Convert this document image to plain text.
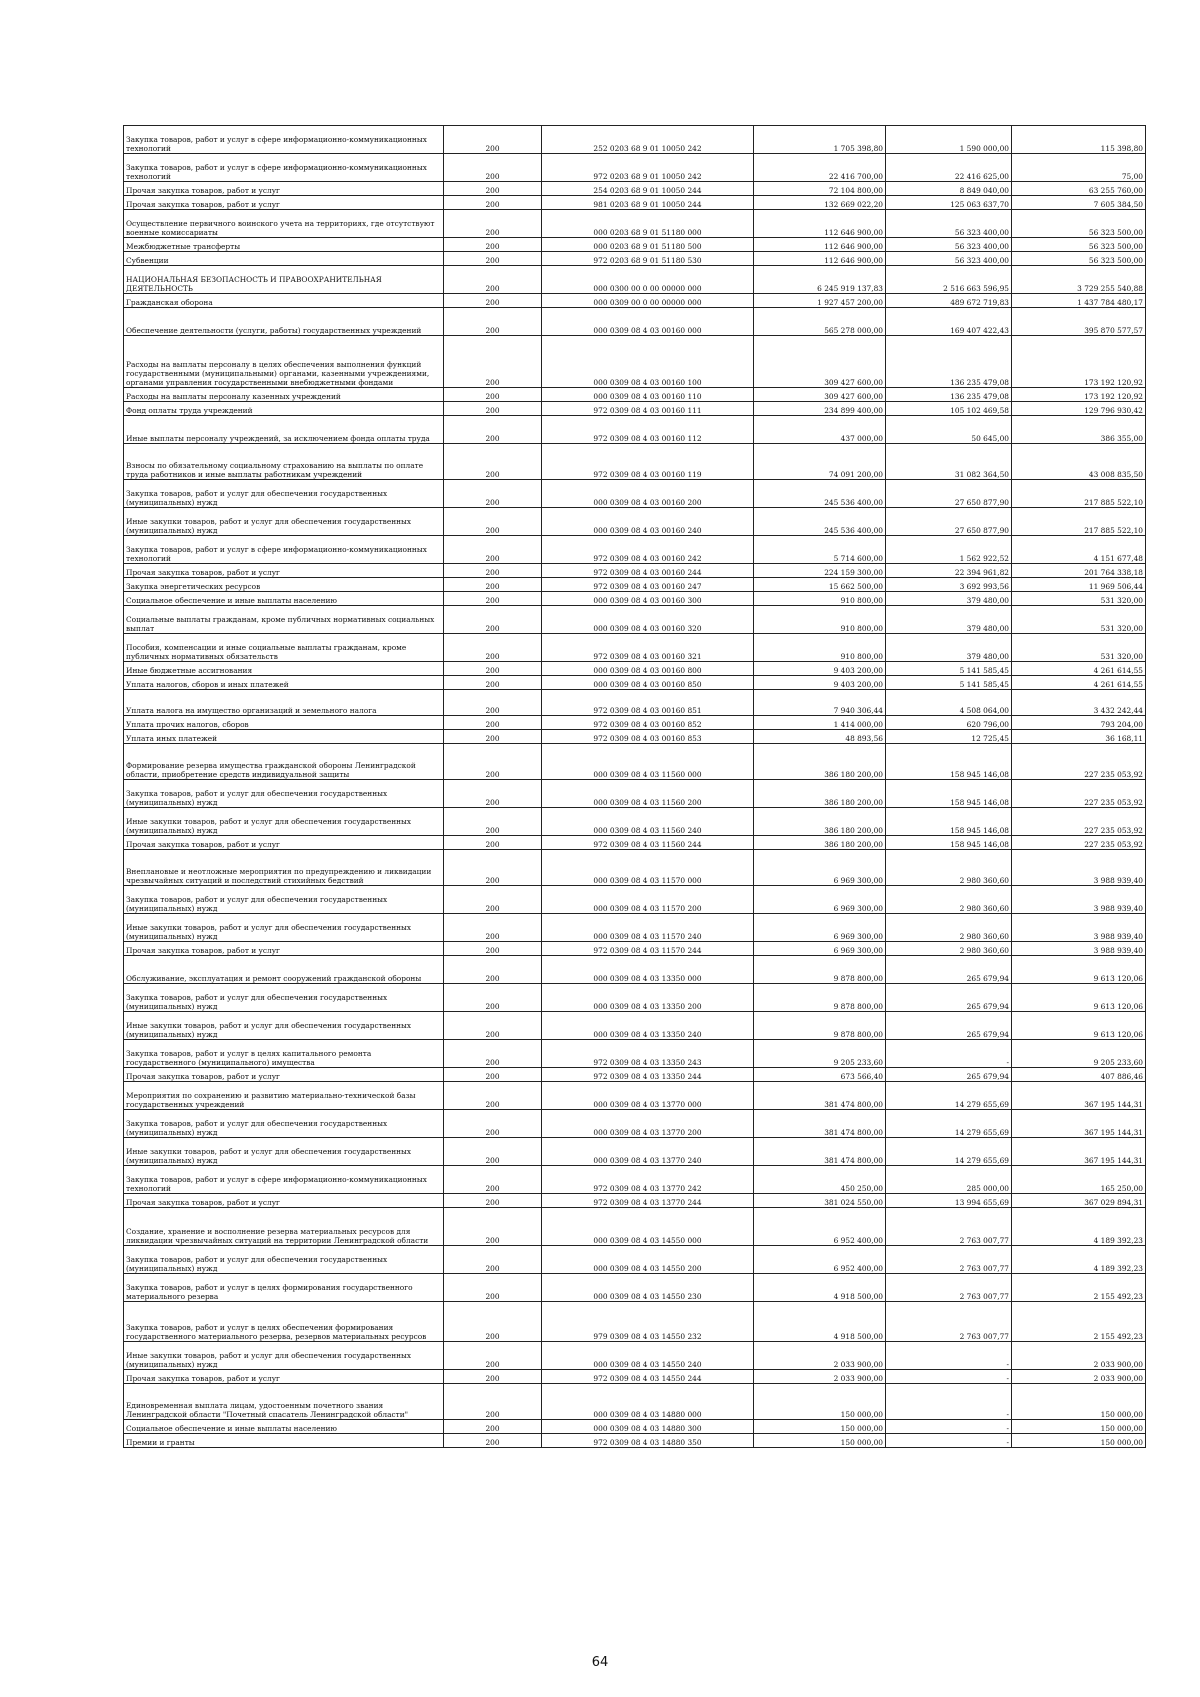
Закупка товаров, работ и услуг в сфере информационно-коммуникационных технологий	200	252 0203 68 9 01 10050 242	1 705 398,80	1 590 000,00	115 398,80
Закупка товаров, работ и услуг в сфере информационно-коммуникационных технологий	200	972 0203 68 9 01 10050 242	22 416 700,00	22 416 625,00	75,00
Прочая закупка товаров, работ и услуг	200	254 0203 68 9 01 10050 244	72 104 800,00	8 849 040,00	63 255 760,00
Прочая закупка товаров, работ и услуг	200	981 0203 68 9 01 10050 244	132 669 022,20	125 063 637,70	7 605 384,50
Осуществление первичного воинского учета на территориях, где отсутствуют военные комиссариаты	200	000 0203 68 9 01 51180 000	112 646 900,00	56 323 400,00	56 323 500,00
Межбюджетные трансферты	200	000 0203 68 9 01 51180 500	112 646 900,00	56 323 400,00	56 323 500,00
Субвенции	200	972 0203 68 9 01 51180 530	112 646 900,00	56 323 400,00	56 323 500,00
НАЦИОНАЛЬНАЯ БЕЗОПАСНОСТЬ И ПРАВООХРАНИТЕЛЬНАЯ ДЕЯТЕЛЬНОСТЬ	200	000 0300 00 0 00 00000 000	6 245 919 137,83	2 516 663 596,95	3 729 255 540,88
Гражданская оборона	200	000 0309 00 0 00 00000 000	1 927 457 200,00	489 672 719,83	1 437 784 480,17
Обеспечение деятельности (услуги, работы) государственных учреждений	200	000 0309 08 4 03 00160 000	565 278 000,00	169 407 422,43	395 870 577,57
Расходы на выплаты персоналу в целях обеспечения выполнения функций государственными (муниципальными) органами, казенными учреждениями, органами управления государственными внебюджетными фондами	200	000 0309 08 4 03 00160 100	309 427 600,00	136 235 479,08	173 192 120,92
Расходы на выплаты персоналу казенных учреждений	200	000 0309 08 4 03 00160 110	309 427 600,00	136 235 479,08	173 192 120,92
Фонд оплаты труда учреждений	200	972 0309 08 4 03 00160 111	234 899 400,00	105 102 469,58	129 796 930,42
Иные выплаты персоналу учреждений, за исключением фонда оплаты труда	200	972 0309 08 4 03 00160 112	437 000,00	50 645,00	386 355,00
Взносы по обязательному социальному страхованию на выплаты по оплате труда работников и иные выплаты работникам учреждений	200	972 0309 08 4 03 00160 119	74 091 200,00	31 082 364,50	43 008 835,50
Закупка товаров, работ и услуг для обеспечения государственных (муниципальных) нужд	200	000 0309 08 4 03 00160 200	245 536 400,00	27 650 877,90	217 885 522,10
Иные закупки товаров, работ и услуг для обеспечения государственных (муниципальных) нужд	200	000 0309 08 4 03 00160 240	245 536 400,00	27 650 877,90	217 885 522,10
Закупка товаров, работ и услуг в сфере информационно-коммуникационных технологий	200	972 0309 08 4 03 00160 242	5 714 600,00	1 562 922,52	4 151 677,48
Прочая закупка товаров, работ и услуг	200	972 0309 08 4 03 00160 244	224 159 300,00	22 394 961,82	201 764 338,18
Закупка энергетических ресурсов	200	972 0309 08 4 03 00160 247	15 662 500,00	3 692 993,56	11 969 506,44
Социальное обеспечение и иные выплаты населению	200	000 0309 08 4 03 00160 300	910 800,00	379 480,00	531 320,00
Социальные выплаты гражданам, кроме публичных нормативных социальных выплат	200	000 0309 08 4 03 00160 320	910 800,00	379 480,00	531 320,00
Пособия, компенсации и иные социальные выплаты гражданам, кроме публичных нормативных обязательств	200	972 0309 08 4 03 00160 321	910 800,00	379 480,00	531 320,00
Иные бюджетные ассигнования	200	000 0309 08 4 03 00160 800	9 403 200,00	5 141 585,45	4 261 614,55
Уплата налогов, сборов и иных платежей	200	000 0309 08 4 03 00160 850	9 403 200,00	5 141 585,45	4 261 614,55
Уплата налога на имущество организаций и земельного налога	200	972 0309 08 4 03 00160 851	7 940 306,44	4 508 064,00	3 432 242,44
Уплата прочих налогов, сборов	200	972 0309 08 4 03 00160 852	1 414 000,00	620 796,00	793 204,00
Уплата иных платежей	200	972 0309 08 4 03 00160 853	48 893,56	12 725,45	36 168,11
Формирование резерва имущества гражданской обороны Ленинградской области, приобретение средств индивидуальной защиты	200	000 0309 08 4 03 11560 000	386 180 200,00	158 945 146,08	227 235 053,92
Закупка товаров, работ и услуг для обеспечения государственных (муниципальных) нужд	200	000 0309 08 4 03 11560 200	386 180 200,00	158 945 146,08	227 235 053,92
Иные закупки товаров, работ и услуг для обеспечения государственных (муниципальных) нужд	200	000 0309 08 4 03 11560 240	386 180 200,00	158 945 146,08	227 235 053,92
Прочая закупка товаров, работ и услуг	200	972 0309 08 4 03 11560 244	386 180 200,00	158 945 146,08	227 235 053,92
Внеплановые и неотложные мероприятия по предупреждению и ликвидации чрезвычайных ситуаций и последствий стихийных бедствий	200	000 0309 08 4 03 11570 000	6 969 300,00	2 980 360,60	3 988 939,40
Закупка товаров, работ и услуг для обеспечения государственных (муниципальных) нужд	200	000 0309 08 4 03 11570 200	6 969 300,00	2 980 360,60	3 988 939,40
Иные закупки товаров, работ и услуг для обеспечения государственных (муниципальных) нужд	200	000 0309 08 4 03 11570 240	6 969 300,00	2 980 360,60	3 988 939,40
Прочая закупка товаров, работ и услуг	200	972 0309 08 4 03 11570 244	6 969 300,00	2 980 360,60	3 988 939,40
Обслуживание, эксплуатация и ремонт сооружений гражданской обороны	200	000 0309 08 4 03 13350 000	9 878 800,00	265 679,94	9 613 120,06
Закупка товаров, работ и услуг для обеспечения государственных (муниципальных) нужд	200	000 0309 08 4 03 13350 200	9 878 800,00	265 679,94	9 613 120,06
Иные закупки товаров, работ и услуг для обеспечения государственных (муниципальных) нужд	200	000 0309 08 4 03 13350 240	9 878 800,00	265 679,94	9 613 120,06
Закупка товаров, работ и услуг в целях капитального ремонта государственного (муниципального) имущества	200	972 0309 08 4 03 13350 243	9 205 233,60	-	9 205 233,60
Прочая закупка товаров, работ и услуг	200	972 0309 08 4 03 13350 244	673 566,40	265 679,94	407 886,46
Мероприятия по сохранению и развитию материально-технической базы государственных учреждений	200	000 0309 08 4 03 13770 000	381 474 800,00	14 279 655,69	367 195 144,31
Закупка товаров, работ и услуг для обеспечения государственных (муниципальных) нужд	200	000 0309 08 4 03 13770 200	381 474 800,00	14 279 655,69	367 195 144,31
Иные закупки товаров, работ и услуг для обеспечения государственных (муниципальных) нужд	200	000 0309 08 4 03 13770 240	381 474 800,00	14 279 655,69	367 195 144,31
Закупка товаров, работ и услуг в сфере информационно-коммуникационных технологий	200	972 0309 08 4 03 13770 242	450 250,00	285 000,00	165 250,00
Прочая закупка товаров, работ и услуг	200	972 0309 08 4 03 13770 244	381 024 550,00	13 994 655,69	367 029 894,31
Создание, хранение и восполнение резерва материальных ресурсов для ликвидации чрезвычайных ситуаций на территории Ленинградской области	200	000 0309 08 4 03 14550 000	6 952 400,00	2 763 007,77	4 189 392,23
Закупка товаров, работ и услуг для обеспечения государственных (муниципальных) нужд	200	000 0309 08 4 03 14550 200	6 952 400,00	2 763 007,77	4 189 392,23
Закупка товаров, работ и услуг в целях формирования государственного материального резерва	200	000 0309 08 4 03 14550 230	4 918 500,00	2 763 007,77	2 155 492,23
Закупка товаров, работ и услуг в целях обеспечения формирования государственного материального резерва, резервов материальных ресурсов	200	979 0309 08 4 03 14550 232	4 918 500,00	2 763 007,77	2 155 492,23
Иные закупки товаров, работ и услуг для обеспечения государственных (муниципальных) нужд	200	000 0309 08 4 03 14550 240	2 033 900,00	-	2 033 900,00
Прочая закупка товаров, работ и услуг	200	972 0309 08 4 03 14550 244	2 033 900,00	-	2 033 900,00
Единовременная выплата лицам, удостоенным почетного звания Ленинградской области "Почетный спасатель Ленинградской области"	200	000 0309 08 4 03 14880 000	150 000,00	-	150 000,00
Социальное обеспечение и иные выплаты населению	200	000 0309 08 4 03 14880 300	150 000,00	-	150 000,00
Премии и гранты	200	972 0309 08 4 03 14880 350	150 000,00	-	150 000,00
64
